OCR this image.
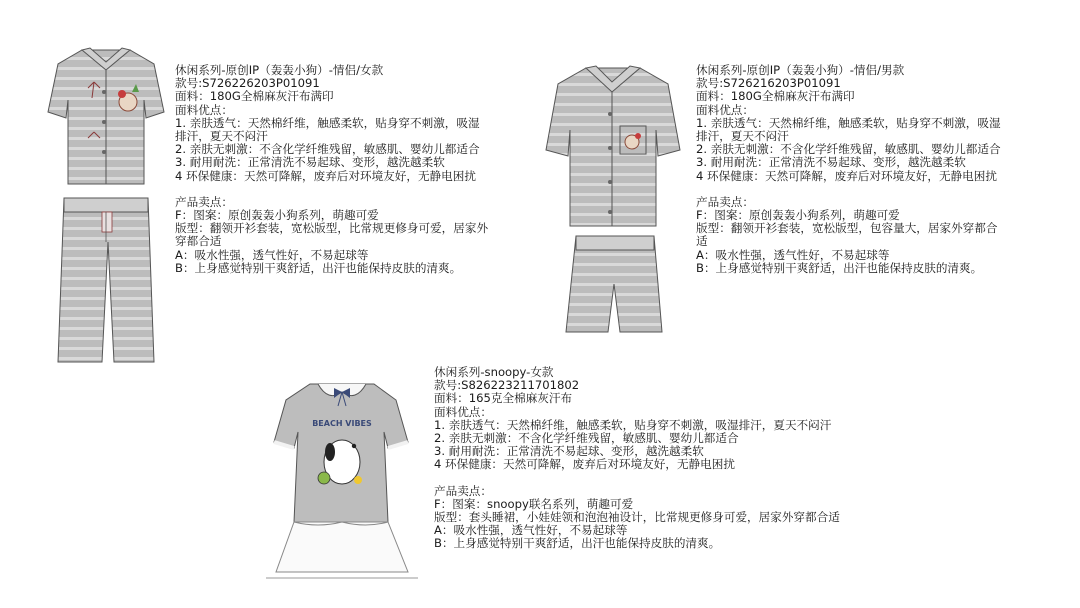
BEACH VIBES
休闲系列-原创IP（轰轰小狗）-情侣/女款
款号:S726226203P01091
面料：180G全棉麻灰汗布满印
面料优点：
1. 亲肤透气：天然棉纤维，触感柔软，贴身穿不刺激，吸湿
排汗，夏天不闷汗
2. 亲肤无刺激：不含化学纤维残留，敏感肌、婴幼儿都适合
3. 耐用耐洗：正常清洗不易起球、变形，越洗越柔软
4 环保健康：天然可降解，废弃后对环境友好，无静电困扰
产品卖点：
F：图案：原创轰轰小狗系列，萌趣可爱
版型：翻领开衫套装，宽松版型，比常规更修身可爱，居家外
穿都合适
A：吸水性强，透气性好，不易起球等
B：上身感觉特别干爽舒适，出汗也能保持皮肤的清爽。
休闲系列-原创IP（轰轰小狗）-情侣/男款
款号:S726216203P01091
面料：180G全棉麻灰汗布满印
面料优点：
1. 亲肤透气：天然棉纤维，触感柔软，贴身穿不刺激，吸湿
排汗，夏天不闷汗
2. 亲肤无刺激：不含化学纤维残留，敏感肌、婴幼儿都适合
3. 耐用耐洗：正常清洗不易起球、变形，越洗越柔软
4 环保健康：天然可降解，废弃后对环境友好，无静电困扰
产品卖点：
F：图案：原创轰轰小狗系列，萌趣可爱
版型：翻领开衫套装，宽松版型，包容量大，居家外穿都合
适
A：吸水性强，透气性好，不易起球等
B：上身感觉特别干爽舒适，出汗也能保持皮肤的清爽。
休闲系列-snoopy-女款
款号:S826223211701802
面料：165克全棉麻灰汗布
面料优点：
1. 亲肤透气：天然棉纤维，触感柔软，贴身穿不刺激，吸湿排汗，夏天不闷汗
2. 亲肤无刺激：不含化学纤维残留，敏感肌、婴幼儿都适合
3. 耐用耐洗：正常清洗不易起球、变形，越洗越柔软
4 环保健康：天然可降解，废弃后对环境友好，无静电困扰
产品卖点：
F：图案：snoopy联名系列，萌趣可爱
版型：套头睡裙，小娃娃领和泡泡袖设计，比常规更修身可爱，居家外穿都合适
A：吸水性强，透气性好，不易起球等
B：上身感觉特别干爽舒适，出汗也能保持皮肤的清爽。
